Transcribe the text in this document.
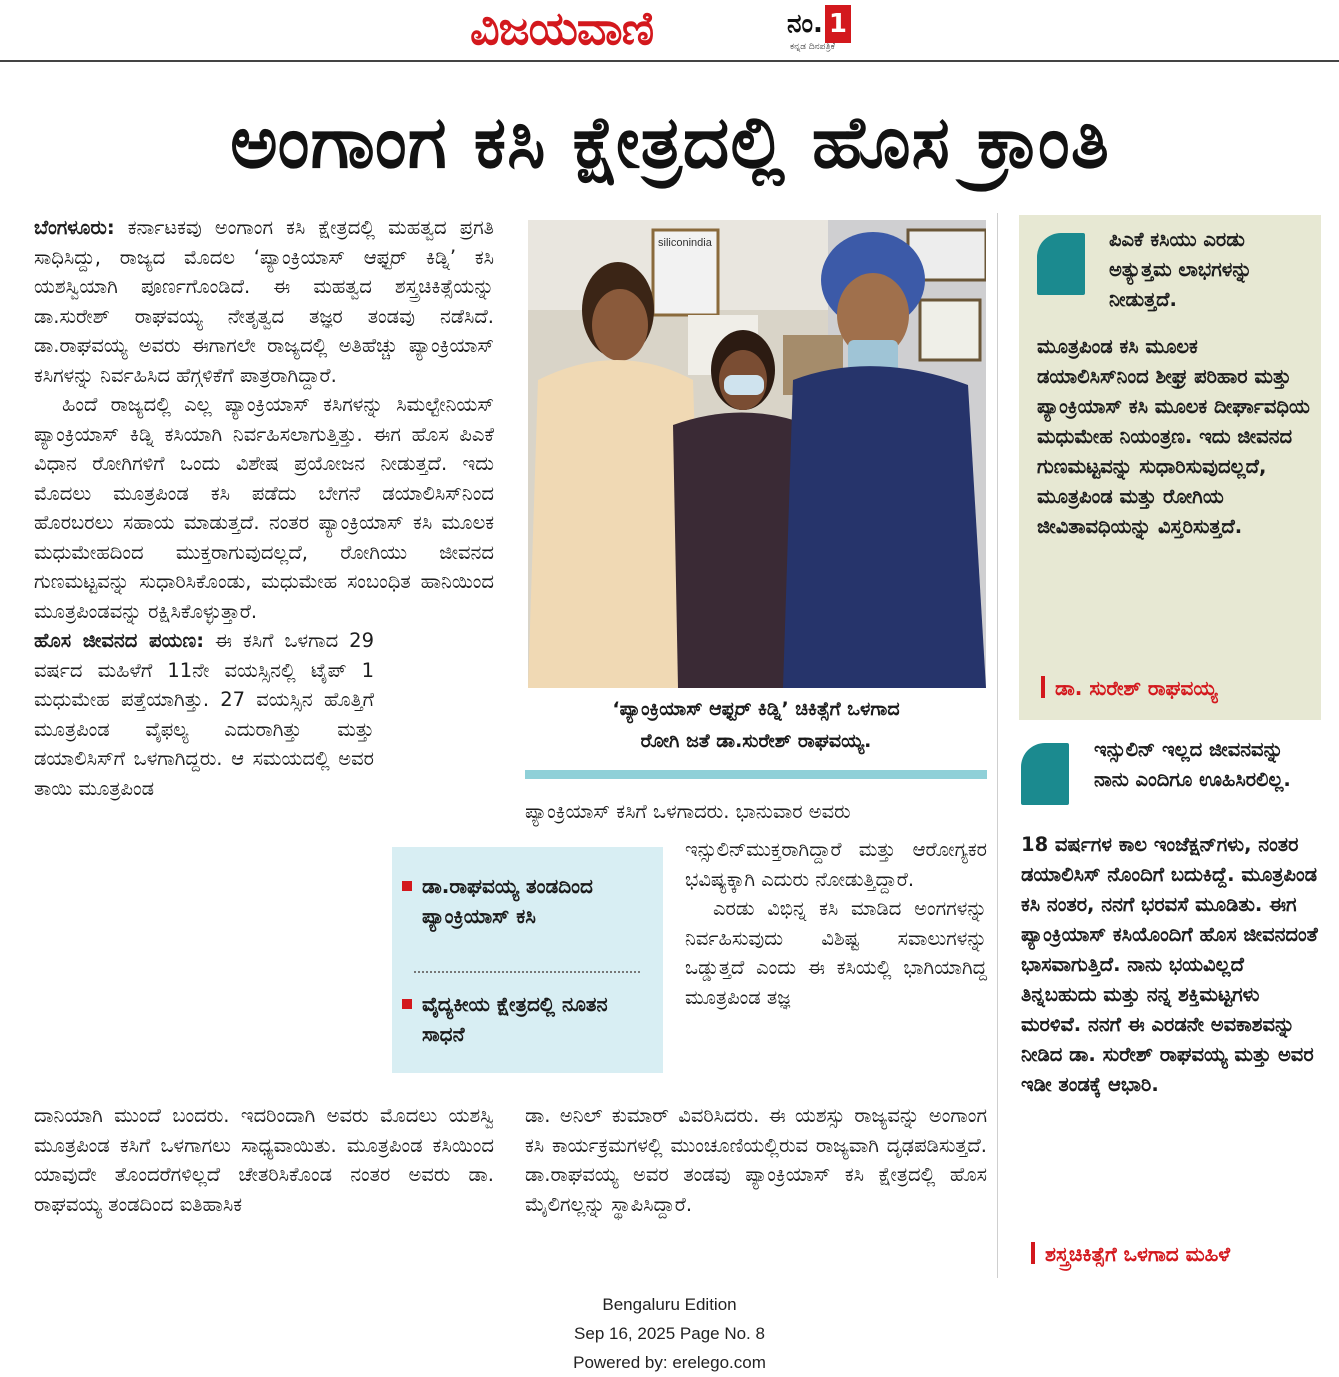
ವಿಜಯವಾಣಿ	ನಂ. 1
ಕನ್ನಡ ದಿನಪತ್ರಿಕೆ
ಅಂಗಾಂಗ ಕಸಿ ಕ್ಷೇತ್ರದಲ್ಲಿ ಹೊಸ ಕ್ರಾಂತಿ

ಬೆಂಗಳೂರು: ಕರ್ನಾಟಕವು ಅಂಗಾಂಗ ಕಸಿ ಕ್ಷೇತ್ರದಲ್ಲಿ ಮಹತ್ವದ ಪ್ರಗತಿ ಸಾಧಿಸಿದ್ದು, ರಾಜ್ಯದ ಮೊದಲ ‘ಪ್ಯಾಂಕ್ರಿಯಾಸ್ ಆಫ್ಟರ್ ಕಿಡ್ನಿ’ ಕಸಿ ಯಶಸ್ವಿಯಾಗಿ ಪೂರ್ಣಗೊಂಡಿದೆ. ಈ ಮಹತ್ವದ ಶಸ್ತ್ರಚಿಕಿತ್ಸೆಯನ್ನು ಡಾ.ಸುರೇಶ್ ರಾಘವಯ್ಯ ನೇತೃತ್ವದ ತಜ್ಞರ ತಂಡವು ನಡೆಸಿದೆ. ಡಾ.ರಾಘವಯ್ಯ ಅವರು ಈಗಾಗಲೇ ರಾಜ್ಯದಲ್ಲಿ ಅತಿಹೆಚ್ಚು ಪ್ಯಾಂಕ್ರಿಯಾಸ್ ಕಸಿಗಳನ್ನು ನಿರ್ವಹಿಸಿದ ಹೆಗ್ಗಳಿಕೆಗೆ ಪಾತ್ರರಾಗಿದ್ದಾರೆ.

ಹಿಂದೆ ರಾಜ್ಯದಲ್ಲಿ ಎಲ್ಲ ಪ್ಯಾಂಕ್ರಿಯಾಸ್ ಕಸಿಗಳನ್ನು ಸಿಮಲ್ಟೇನಿಯಸ್ ಪ್ಯಾಂಕ್ರಿಯಾಸ್ ಕಿಡ್ನಿ ಕಸಿಯಾಗಿ ನಿರ್ವಹಿಸಲಾಗುತ್ತಿತ್ತು. ಈಗ ಹೊಸ ಪಿಎಕೆ ವಿಧಾನ ರೋಗಿಗಳಿಗೆ ಒಂದು ವಿಶೇಷ ಪ್ರಯೋಜನ ನೀಡುತ್ತದೆ. ಇದು ಮೊದಲು ಮೂತ್ರಪಿಂಡ ಕಸಿ ಪಡೆದು ಬೇಗನೆ ಡಯಾಲಿಸಿಸ್‌ನಿಂದ ಹೊರಬರಲು ಸಹಾಯ ಮಾಡುತ್ತದೆ. ನಂತರ ಪ್ಯಾಂಕ್ರಿಯಾಸ್ ಕಸಿ ಮೂಲಕ ಮಧುಮೇಹದಿಂದ ಮುಕ್ತರಾಗುವುದಲ್ಲದೆ, ರೋಗಿಯು ಜೀವನದ ಗುಣಮಟ್ಟವನ್ನು ಸುಧಾರಿಸಿಕೊಂಡು, ಮಧುಮೇಹ ಸಂಬಂಧಿತ ಹಾನಿಯಿಂದ ಮೂತ್ರಪಿಂಡವನ್ನು ರಕ್ಷಿಸಿಕೊಳ್ಳುತ್ತಾರೆ.

ಹೊಸ ಜೀವನದ ಪಯಣ: ಈ ಕಸಿಗೆ ಒಳಗಾದ 29 ವರ್ಷದ ಮಹಿಳೆಗೆ 11ನೇ ವಯಸ್ಸಿನಲ್ಲಿ ಟೈಪ್ 1 ಮಧುಮೇಹ ಪತ್ತೆಯಾಗಿತ್ತು. 27 ವಯಸ್ಸಿನ ಹೊತ್ತಿಗೆ ಮೂತ್ರಪಿಂಡ ವೈಫಲ್ಯ ಎದುರಾಗಿತ್ತು ಮತ್ತು ಡಯಾಲಿಸಿಸ್‌ಗೆ ಒಳಗಾಗಿದ್ದರು. ಆ ಸಮಯದಲ್ಲಿ ಅವರ ತಾಯಿ ಮೂತ್ರಪಿಂಡ

ದಾನಿಯಾಗಿ ಮುಂದೆ ಬಂದರು. ಇದರಿಂದಾಗಿ ಅವರು ಮೊದಲು ಯಶಸ್ವಿ ಮೂತ್ರಪಿಂಡ ಕಸಿಗೆ ಒಳಗಾಗಲು ಸಾಧ್ಯವಾಯಿತು. ಮೂತ್ರಪಿಂಡ ಕಸಿಯಿಂದ ಯಾವುದೇ ತೊಂದರೆಗಳಿಲ್ಲದೆ ಚೇತರಿಸಿಕೊಂಡ ನಂತರ ಅವರು ಡಾ. ರಾಘವಯ್ಯ ತಂಡದಿಂದ ಐತಿಹಾಸಿಕ

siliconindia
‘ಪ್ಯಾಂಕ್ರಿಯಾಸ್ ಆಫ್ಟರ್ ಕಿಡ್ನಿ’ ಚಿಕಿತ್ಸೆಗೆ ಒಳಗಾದ
ರೋಗಿ ಜತೆ ಡಾ.ಸುರೇಶ್ ರಾಘವಯ್ಯ.

ಪ್ಯಾಂಕ್ರಿಯಾಸ್ ಕಸಿಗೆ ಒಳಗಾದರು. ಭಾನುವಾರ ಅವರು

ಇನ್ಸುಲಿನ್‌ಮುಕ್ತರಾಗಿದ್ದಾರೆ ಮತ್ತು ಆರೋಗ್ಯಕರ ಭವಿಷ್ಯಕ್ಕಾಗಿ ಎದುರು ನೋಡುತ್ತಿದ್ದಾರೆ.

ಎರಡು ವಿಭಿನ್ನ ಕಸಿ ಮಾಡಿದ ಅಂಗಗಳನ್ನು ನಿರ್ವಹಿಸುವುದು ವಿಶಿಷ್ಟ ಸವಾಲುಗಳನ್ನು ಒಡ್ಡುತ್ತದೆ ಎಂದು ಈ ಕಸಿಯಲ್ಲಿ ಭಾಗಿಯಾಗಿದ್ದ ಮೂತ್ರಪಿಂಡ ತಜ್ಞ

ಡಾ. ಅನಿಲ್ ಕುಮಾರ್ ವಿವರಿಸಿದರು. ಈ ಯಶಸ್ಸು ರಾಜ್ಯವನ್ನು ಅಂಗಾಂಗ ಕಸಿ ಕಾರ್ಯಕ್ರಮಗಳಲ್ಲಿ ಮುಂಚೂಣಿಯಲ್ಲಿರುವ ರಾಜ್ಯವಾಗಿ ದೃಢಪಡಿಸುತ್ತದೆ. ಡಾ.ರಾಘವಯ್ಯ ಅವರ ತಂಡವು ಪ್ಯಾಂಕ್ರಿಯಾಸ್ ಕಸಿ ಕ್ಷೇತ್ರದಲ್ಲಿ ಹೊಸ ಮೈಲಿಗಲ್ಲನ್ನು ಸ್ಥಾಪಿಸಿದ್ದಾರೆ.

ಡಾ.ರಾಘವಯ್ಯ ತಂಡದಿಂದ ಪ್ಯಾಂಕ್ರಿಯಾಸ್ ಕಸಿ
ವೈದ್ಯಕೀಯ ಕ್ಷೇತ್ರದಲ್ಲಿ ನೂತನ ಸಾಧನೆ
ಪಿಎಕೆ ಕಸಿಯು ಎರಡು ಅತ್ಯುತ್ತಮ ಲಾಭಗಳನ್ನು ನೀಡುತ್ತದೆ.
ಮೂತ್ರಪಿಂಡ ಕಸಿ ಮೂಲಕ ಡಯಾಲಿಸಿಸ್‌ನಿಂದ ಶೀಘ್ರ ಪರಿಹಾರ ಮತ್ತು ಪ್ಯಾಂಕ್ರಿಯಾಸ್ ಕಸಿ ಮೂಲಕ ದೀರ್ಘಾವಧಿಯ ಮಧುಮೇಹ ನಿಯಂತ್ರಣ. ಇದು ಜೀವನದ ಗುಣಮಟ್ಟವನ್ನು ಸುಧಾರಿಸುವುದಲ್ಲದೆ, ಮೂತ್ರಪಿಂಡ ಮತ್ತು ರೋಗಿಯ ಜೀವಿತಾವಧಿಯನ್ನು ವಿಸ್ತರಿಸುತ್ತದೆ.
ಡಾ. ಸುರೇಶ್ ರಾಘವಯ್ಯ
ಇನ್ಸುಲಿನ್ ಇಲ್ಲದ ಜೀವನವನ್ನು ನಾನು ಎಂದಿಗೂ ಊಹಿಸಿರಲಿಲ್ಲ.
18 ವರ್ಷಗಳ ಕಾಲ ಇಂಜೆಕ್ಷನ್‌ಗಳು, ನಂತರ ಡಯಾಲಿಸಿಸ್ ನೊಂದಿಗೆ ಬದುಕಿದ್ದೆ. ಮೂತ್ರಪಿಂಡ ಕಸಿ ನಂತರ, ನನಗೆ ಭರವಸೆ ಮೂಡಿತು. ಈಗ ಪ್ಯಾಂಕ್ರಿಯಾಸ್ ಕಸಿಯೊಂದಿಗೆ ಹೊಸ ಜೀವನದಂತೆ ಭಾಸವಾಗುತ್ತಿದೆ. ನಾನು ಭಯವಿಲ್ಲದೆ ತಿನ್ನಬಹುದು ಮತ್ತು ನನ್ನ ಶಕ್ತಿಮಟ್ಟಗಳು ಮರಳಿವೆ. ನನಗೆ ಈ ಎರಡನೇ ಅವಕಾಶವನ್ನು ನೀಡಿದ ಡಾ. ಸುರೇಶ್ ರಾಘವಯ್ಯ ಮತ್ತು ಅವರ ಇಡೀ ತಂಡಕ್ಕೆ ಆಭಾರಿ.
ಶಸ್ತ್ರಚಿಕಿತ್ಸೆಗೆ ಒಳಗಾದ ಮಹಿಳೆ
Bengaluru Edition
Sep 16, 2025 Page No. 8
Powered by: erelego.com
